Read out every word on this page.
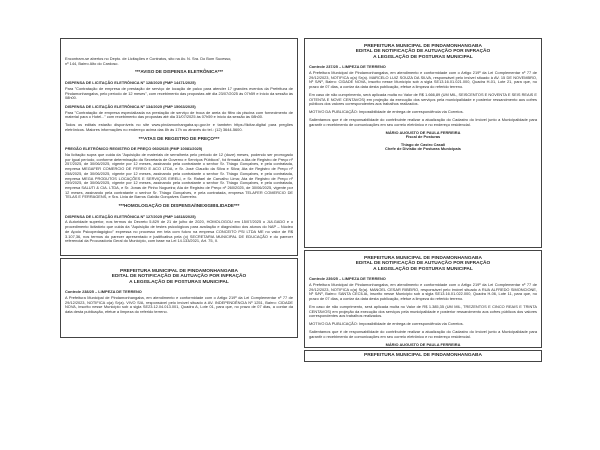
Encontram-se abertos no Depto. de Licitações e Contratos, sito na Av. N. Sra. Do Bom Sucesso,

nº 144, Bairro Alto do Cardoso.

***AVISO DE DISPENSA ELETRÔNICA***
DISPENSA DE LICITAÇÃO ELETRÔNICA Nº 128/2025 (PMP 14471/2025)

Para "Contratação de empresa de prestação de serviço de locação de palco para atender 17 grandes eventos da Prefeitura de Pindamonhangaba, pelo período de 12 meses", com recebimento das propostas até dia 23/07/2025 às 07h59 e início da sessão às 08h00.

DISPENSA DE LICITAÇÃO ELETRÔNICA Nº 134/2025 (PMP 15063/2025)

Para "Contratação de empresa especializada na prestação de serviço de troca de areia do filtro da piscina com fornecimento de material para o Hotel..." com recebimento das propostas até dia 31/07/2025 às 07h59 e início da sessão às 08h00.

Todos os editais estarão disponíveis no site www.pindamonhangaba.sp.gov.br e também https://licitar.digital para pregões eletrônicos. Maiores informações no endereço acima das 8h às 17h ou através do tel.: (12) 3644-5600.

***ATAS DE REGISTRO DE PREÇO***
PREGÃO ELETRÔNICO REGISTRO DE PREÇO 060/2025 (PMP 10081/2025)

Na licitação supra que cuida da "Aquisição de materiais de serralheria pelo período de 12 (doze) meses, podendo ser prorrogado por igual período, conforme determinação da Secretaria de Governo e Serviços Públicos", foi firmada a Ata de Registro de Preço nº 257/2025, de 30/06/2025, vigente por 12 meses, assinando pela contratante o senhor Sr. Thiago Gonçalves, e pela contratada, empresa MEGAFER COMERCIO DE FERRO E ACO LTDA, e Sr. José Claudio da Silva e Silva; Ata de Registro de Preço nº 258/2025, de 30/06/2025, vigente por 12 meses, assinando pela contratante o senhor Sr. Thiago Gonçalves, e pela contratada, empresa MEGA PRODUTOS LOCAÇÕES E SERVIÇOS EIRELI, e Sr. Rafael de Carvalho Lima; Ata de Registro de Preço nº 259/2025, de 30/06/2025, vigente por 12 meses, assinando pela contratante o senhor Sr. Thiago Gonçalves, e pela contratada, empresa SALUTI & CIA. LTDA, e Sr. Jonas de Pinho Nogueira; Ata de Registro de Preço nº 260/2025, de 30/06/2025, vigente por 12 meses, assinando pela contratante o senhor Sr. Thiago Gonçalves, e pela contratada, empresa TELAFER COMERCIO DE TELAS E FERRAGENS, e Sra. Livia de Barros Galvão Gonçalves Guerreiro.

***HOMOLOGAÇÃO DE DISPENSA/INEXIGIBILIDADE***
DISPENSA DE LICITAÇÃO ELETRÔNICA Nº 127/2025 (PMP 14818/2025)

A Autoridade superior, nos termos do Decreto 5.829 de 21 de julho de 2020, HOMOLOGOU em 15/07/2025 o JULGADO e o procedimento licitatório que cuida da "Aquisição de testes psicológicos para avaliação e diagnóstico dos alunos do NAP – Núcleo de Apoio Psicopedagógico" expressa no processo em tela com fulcro na empresa CONCEITO PSI LTDA ME no valor de R$ 3.107,36, nos termos do parecer apresentado e justificativa pela (o) SECRETARIA MUNICIPAL DE EDUCAÇÃO e do parecer referencial da Procuradoria Geral do Município, com base na Lei 14.133/2021, Art. 75, II.

PREFEITURA MUNICIPAL DE PINDAMONHANGABA
EDITAL DE NOTIFICAÇÃO DE AUTUAÇÃO POR INFRAÇÃO
A LEGISLAÇÃO DE POSTURAS MUNICIPAL
Controle 238/25 – LIMPEZA DE TERRENO

A Prefeitura Municipal de Pindamonhangaba, em atendimento e conformidade com o Artigo 219º da Lei Complementar nº 77 de 29/12/2023, NOTIFICA o(a) Sr(a). VIVO S/A, responsável pelo imóvel situado à AV. INDEPENDÊNCIA Nº 1251, Bairro: CIDADE NOVA, inscrito nesse Município sob a sigla SE23.12.04.013.001, Quadra A, Lote 01, para que, no prazo de 07 dias, a contar da data desta publicação, efetue a limpeza do referido terreno.

PREFEITURA MUNICIPAL DE PINDAMONHANGABA
EDITAL DE NOTIFICAÇÃO DE AUTUAÇÃO POR INFRAÇÃO
A LEGISLAÇÃO DE POSTURAS MUNICIPAL
Controle 237/25 – LIMPEZA DE TERRENO

A Prefeitura Municipal de Pindamonhangaba, em atendimento e conformidade com o Artigo 219º da Lei Complementar nº 77 de 29/12/2023, NOTIFICA o(a) Sr(a). MARCELO LUIZ SOUZA DA SILVA, responsável pelo imóvel situado à AV. 15 DE NOVEMBRO, Nº S/Nº, Bairro: CIDADE NOVA, inscrito nesse Município sob a sigla SE13.16.01.021.000, Quadra H-01, Lote 21, para que, no prazo de 07 dias, a contar da data desta publicação, efetue a limpeza do referido terreno.

Em caso de não cumprimento, será aplicada multa no Valor de R$ 1.666,89 (UM MIL, SEISCENTOS E NOVENTA E SEIS REAIS E OITENTA E NOVE CENTAVOS) em projeção da execução dos serviços pela municipalidade e posterior ressarcimento aos cofres públicos dos valores correspondentes aos trabalhos realizados.

MOTIVO DA PUBLICAÇÃO: Impossibilidade de entrega de correspondência via Correios.

Salientamos que é de responsabilidade do contribuinte realizar a atualização do Cadastro do Imóvel junto a Municipalidade para garantir o recebimento de comunicações em seu correio eletrônico e no endereço residencial.

MÁRIO AUGUSTO DE PAULA FERREIRA
Fiscal de Posturas
Thiago de Castro Casali
Chefe de Divisão de Posturas Municipais
PREFEITURA MUNICIPAL DE PINDAMONHANGABA
EDITAL DE NOTIFICAÇÃO DE AUTUAÇÃO POR INFRAÇÃO
A LEGISLAÇÃO DE POSTURAS MUNICIPAL
Controle 239/25 – LIMPEZA DE TERRENO

A Prefeitura Municipal de Pindamonhangaba, em atendimento e conformidade com o Artigo 219º da Lei Complementar nº 77 de 29/12/2023, NOTIFICA o(a) Sr(a). MANOEL CESAR RIBEIRO, responsável pelo imóvel situado à RUA ALFREDO SIMONCIONE, Nº S/Nº, Bairro: SANTA CECÍLIA, inscrito nesse Município sob a sigla SE13.16.01.022.000, Quadra H-06, Lote 11, para que, no prazo de 07 dias, a contar da data desta publicação, efetue a limpeza do referido terreno.

Em caso de não cumprimento, será aplicada multa no Valor de R$ 1.385,35 (UM MIL, TREZENTOS E CINCO REAIS E TRINTA CENTAVOS) em projeção da execução dos serviços pela municipalidade e posterior ressarcimento aos cofres públicos dos valores correspondentes aos trabalhos realizados.

MOTIVO DA PUBLICAÇÃO: Impossibilidade de entrega de correspondência via Correios.

Salientamos que é de responsabilidade do contribuinte realizar a atualização do Cadastro do Imóvel junto a Municipalidade para garantir o recebimento de comunicações em seu correio eletrônico e no endereço residencial.

MÁRIO AUGUSTO DE PAULA FERREIRA
PREFEITURA MUNICIPAL DE PINDAMONHANGABA
